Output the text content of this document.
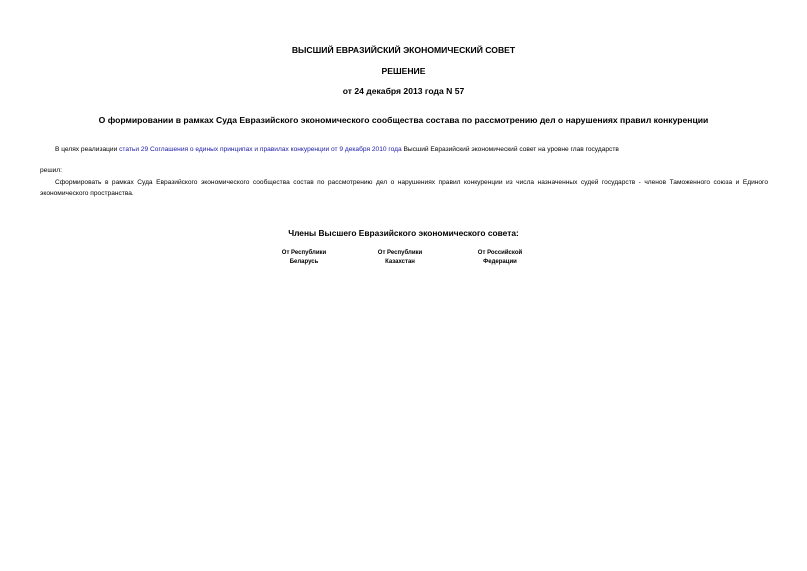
ВЫСШИЙ ЕВРАЗИЙСКИЙ ЭКОНОМИЧЕСКИЙ СОВЕТ
РЕШЕНИЕ
от 24 декабря 2013 года N 57
О формировании в рамках Суда Евразийского экономического сообщества состава по рассмотрению дел о нарушениях правил конкуренции
В целях реализации статьи 29 Соглашения о единых принципах и правилах конкуренции от 9 декабря 2010 года Высший Евразийский экономический совет на уровне глав государств
решил:
Сформировать в рамках Суда Евразийского экономического сообщества состав по рассмотрению дел о нарушениях правил конкуренции из числа назначенных судей государств - членов Таможенного союза и Единого экономического пространства.
Члены Высшего Евразийского экономического совета:
От Республики
Беларусь
От Республики
Казахстан
От Российской
Федерации
